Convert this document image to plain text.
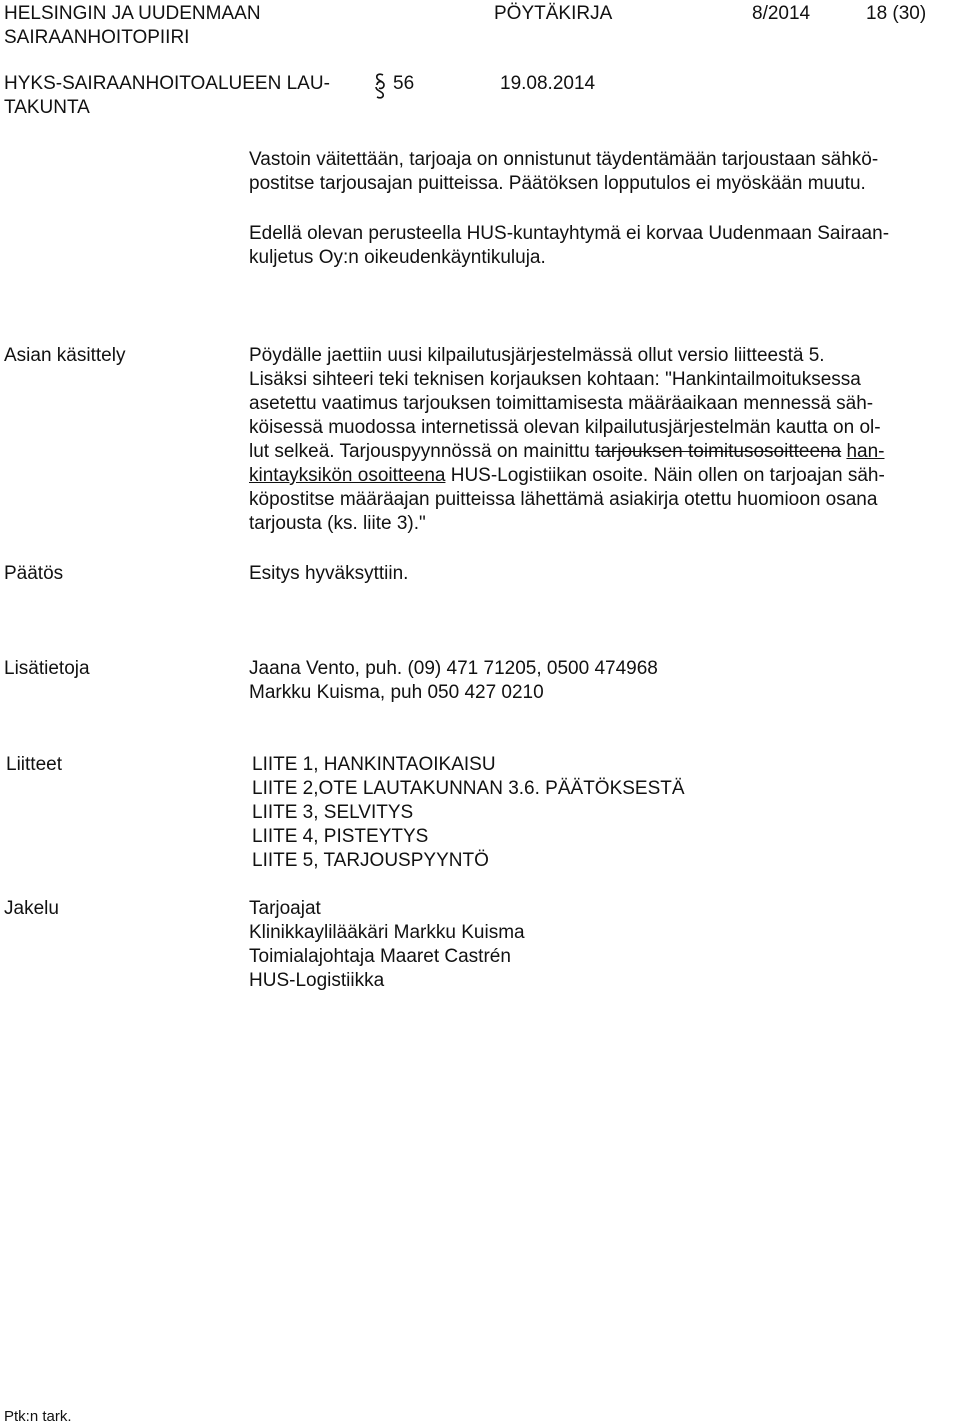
HELSINGIN JA UUDENMAAN
SAIRAANHOITOPIIRI
PÖYTÄKIRJA	8/2014	18 (30)
HYKS-SAIRAANHOITOALUEEN LAU-
TAKUNTA
56	19.08.2014
Vastoin väitettään, tarjoaja on onnistunut täydentämään tarjoustaan sähkö-
postitse tarjousajan puitteissa. Päätöksen lopputulos ei myöskään muutu.
Edellä olevan perusteella HUS-kuntayhtymä ei korvaa Uudenmaan Sairaan-
kuljetus Oy:n oikeudenkäyntikuluja.
Asian käsittely	Pöydälle jaettiin uusi kilpailutusjärjestelmässä ollut versio liitteestä 5.
Lisäksi sihteeri teki teknisen korjauksen kohtaan: "Hankintailmoituksessa
asetettu vaatimus tarjouksen toimittamisesta määräaikaan mennessä säh-
köisessä muodossa internetissä olevan kilpailutusjärjestelmän kautta on ol-
lut selkeä. Tarjouspyynnössä on mainittu tarjouksen toimitusosoitteena han-
kintayksikön osoitteena HUS-Logistiikan osoite. Näin ollen on tarjoajan säh-
köpostitse määräajan puitteissa lähettämä asiakirja otettu huomioon osana
tarjousta (ks. liite 3)."
Päätös	Esitys hyväksyttiin.
Lisätietoja	Jaana Vento, puh. (09) 471 71205, 0500 474968
Markku Kuisma, puh 050 427 0210
Liitteet	LIITE 1, HANKINTAOIKAISU
LIITE 2,OTE LAUTAKUNNAN 3.6. PÄÄTÖKSESTÄ
LIITE 3, SELVITYS
LIITE 4, PISTEYTYS
LIITE 5, TARJOUSPYYNTÖ
Jakelu	Tarjoajat
Klinikkaylilääkäri Markku Kuisma
Toimialajohtaja Maaret Castrén
HUS-Logistiikka
Ptk:n tark.
